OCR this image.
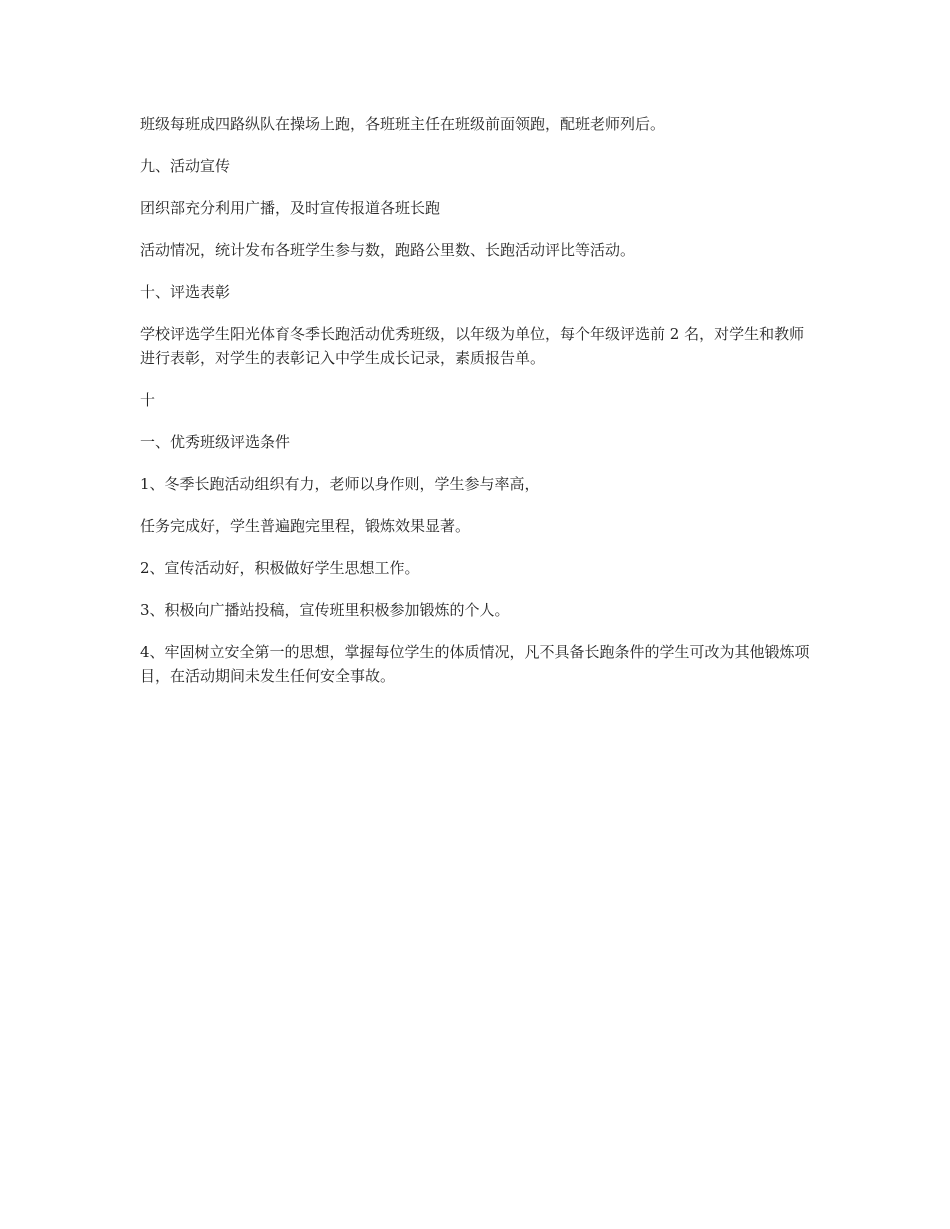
班级每班成四路纵队在操场上跑，各班班主任在班级前面领跑，配班老师列后。

九、活动宣传

团织部充分利用广播，及时宣传报道各班长跑

活动情况，统计发布各班学生参与数，跑路公里数、长跑活动评比等活动。

十、评选表彰

学校评选学生阳光体育冬季长跑活动优秀班级，以年级为单位，每个年级评选前 2 名，对学生和教师进行表彰，对学生的表彰记入中学生成长记录，素质报告单。

十

一、优秀班级评选条件

1、冬季长跑活动组织有力，老师以身作则，学生参与率高，

任务完成好，学生普遍跑完里程，锻炼效果显著。

2、宣传活动好，积极做好学生思想工作。

3、积极向广播站投稿，宣传班里积极参加锻炼的个人。

4、牢固树立安全第一的思想，掌握每位学生的体质情况，凡不具备长跑条件的学生可改为其他锻炼项目，在活动期间未发生任何安全事故。
